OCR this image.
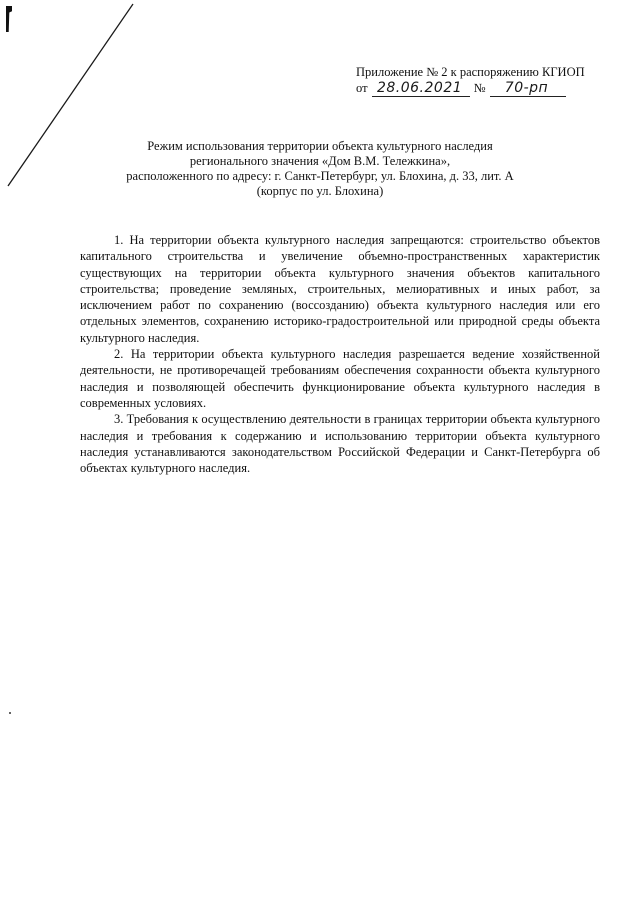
Приложение № 2 к распоряжению КГИОП
от 28.06.2021 №	70-рп
Режим использования территории объекта культурного наследия
регионального значения «Дом В.М. Тележкина»,
расположенного по адресу: г. Санкт-Петербург, ул. Блохина, д. 33, лит. А
(корпус по ул. Блохина)

1. На территории объекта культурного наследия запрещаются: строительство объектов капитального строительства и увеличение объемно-пространственных характеристик существующих на территории объекта культурного значения объектов капитального строительства; проведение земляных, строительных, мелиоративных и иных работ, за исключением работ по сохранению (воссозданию) объекта культурного наследия или его отдельных элементов, сохранению историко-градостроительной или природной среды объекта культурного наследия.

2. На территории объекта культурного наследия разрешается ведение хозяйственной деятельности, не противоречащей требованиям обеспечения сохранности объекта культурного наследия и позволяющей обеспечить функционирование объекта культурного наследия в современных условиях.

3. Требования к осуществлению деятельности в границах территории объекта культурного наследия и требования к содержанию и использованию территории объекта культурного наследия устанавливаются законодательством Российской Федерации и Санкт-Петербурга об объектах культурного наследия.
